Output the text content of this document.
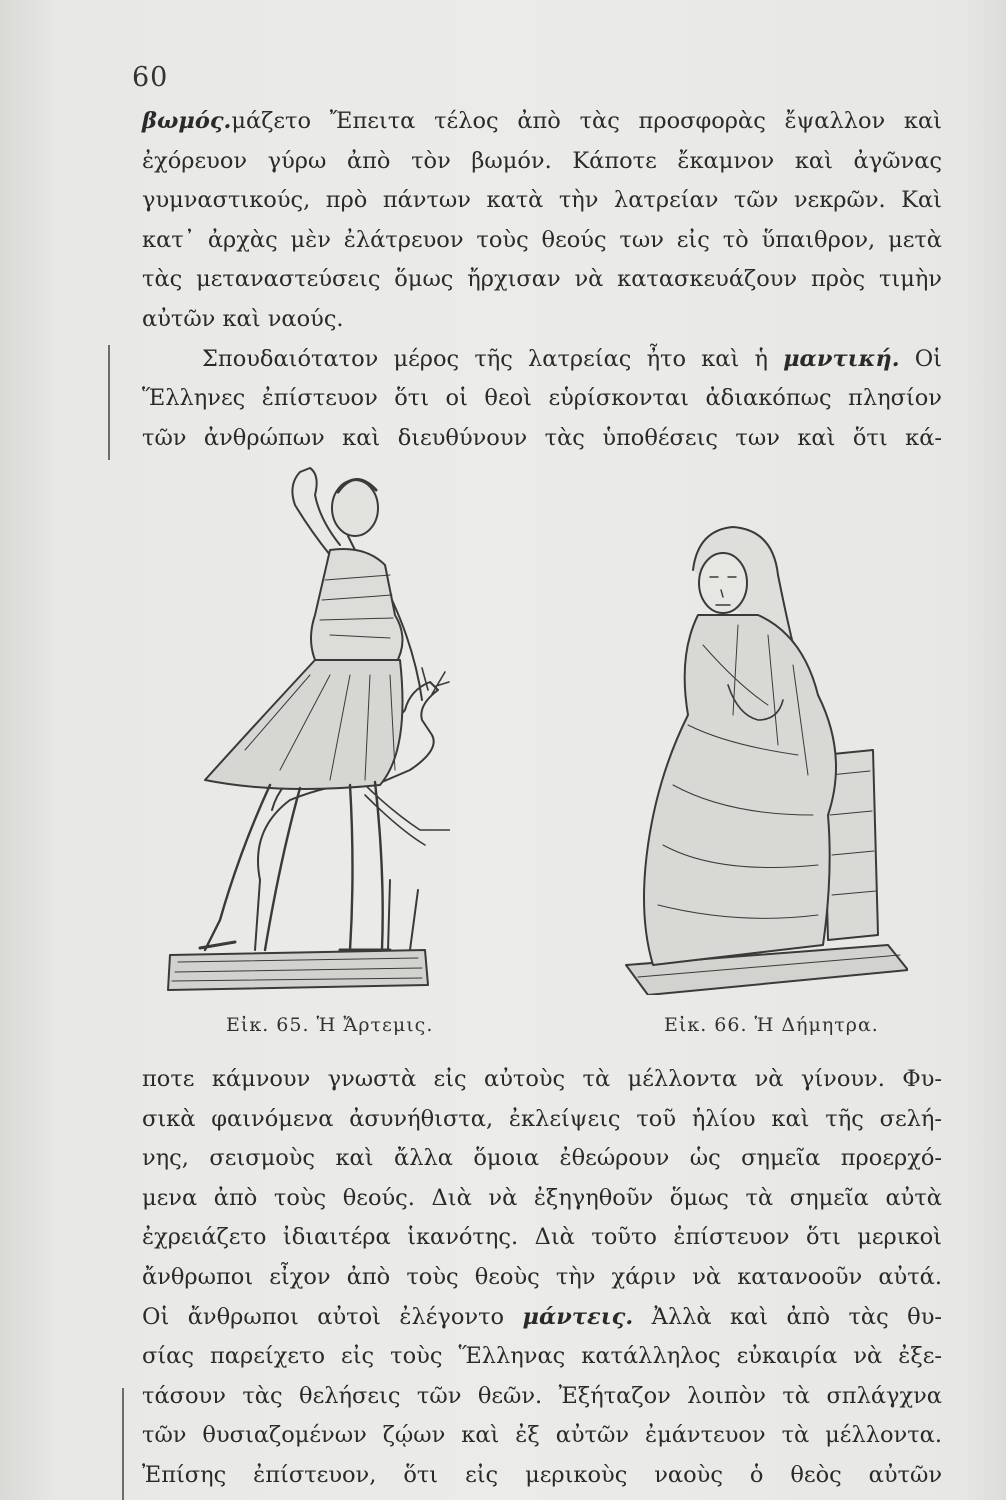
60
βωμός.μάζετο Ἔπειτα τέλος ἀπὸ τὰς προσφορὰς ἔψαλλον καὶ
ἐχόρευον γύρω ἀπὸ τὸν βωμόν. Κάποτε ἔκαμνον καὶ ἀγῶνας
γυμναστικούς, πρὸ πάντων κατὰ τὴν λατρείαν τῶν νεκρῶν. Καὶ
κατ᾽ ἀρχὰς μὲν ἐλάτρευον τοὺς θεούς των εἰς τὸ ὕπαιθρον, μετὰ
τὰς μεταναστεύσεις ὅμως ἤρχισαν νὰ κατασκευάζουν πρὸς τιμὴν
αὐτῶν καὶ ναούς.
Σπουδαιότατον μέρος τῆς λατρείας ἦτο καὶ ἡ μαντική. Οἱ
Ἕλληνες ἐπίστευον ὅτι οἱ θεοὶ εὑρίσκονται ἀδιακόπως πλησίον
τῶν ἀνθρώπων καὶ διευθύνουν τὰς ὑποθέσεις των καὶ ὅτι κά-
Εἰκ. 65. Ἡ Ἄρτεμις.	Εἰκ. 66. Ἡ Δήμητρα.
ποτε κάμνουν γνωστὰ εἰς αὐτοὺς τὰ μέλλοντα νὰ γίνουν. Φυ-
σικὰ φαινόμενα ἀσυνήθιστα, ἐκλείψεις τοῦ ἡλίου καὶ τῆς σελή-
νης, σεισμοὺς καὶ ἄλλα ὅμοια ἐθεώρουν ὡς σημεῖα προερχό-
μενα ἀπὸ τοὺς θεούς. Διὰ νὰ ἐξηγηθοῦν ὅμως τὰ σημεῖα αὐτὰ
ἐχρειάζετο ἰδιαιτέρα ἱκανότης. Διὰ τοῦτο ἐπίστευον ὅτι μερικοὶ
ἄνθρωποι εἶχον ἀπὸ τοὺς θεοὺς τὴν χάριν νὰ κατανοοῦν αὐτά.
Οἱ ἄνθρωποι αὐτοὶ ἐλέγοντο μάντεις. Ἀλλὰ καὶ ἀπὸ τὰς θυ-
σίας παρείχετο εἰς τοὺς Ἕλληνας κατάλληλος εὐκαιρία νὰ ἐξε-
τάσουν τὰς θελήσεις τῶν θεῶν. Ἐξήταζον λοιπὸν τὰ σπλάγχνα
τῶν θυσιαζομένων ζῴων καὶ ἐξ αὐτῶν ἐμάντευον τὰ μέλλοντα.
Ἐπίσης ἐπίστευον, ὅτι εἰς μερικοὺς ναοὺς ὁ θεὸς αὐτῶν
